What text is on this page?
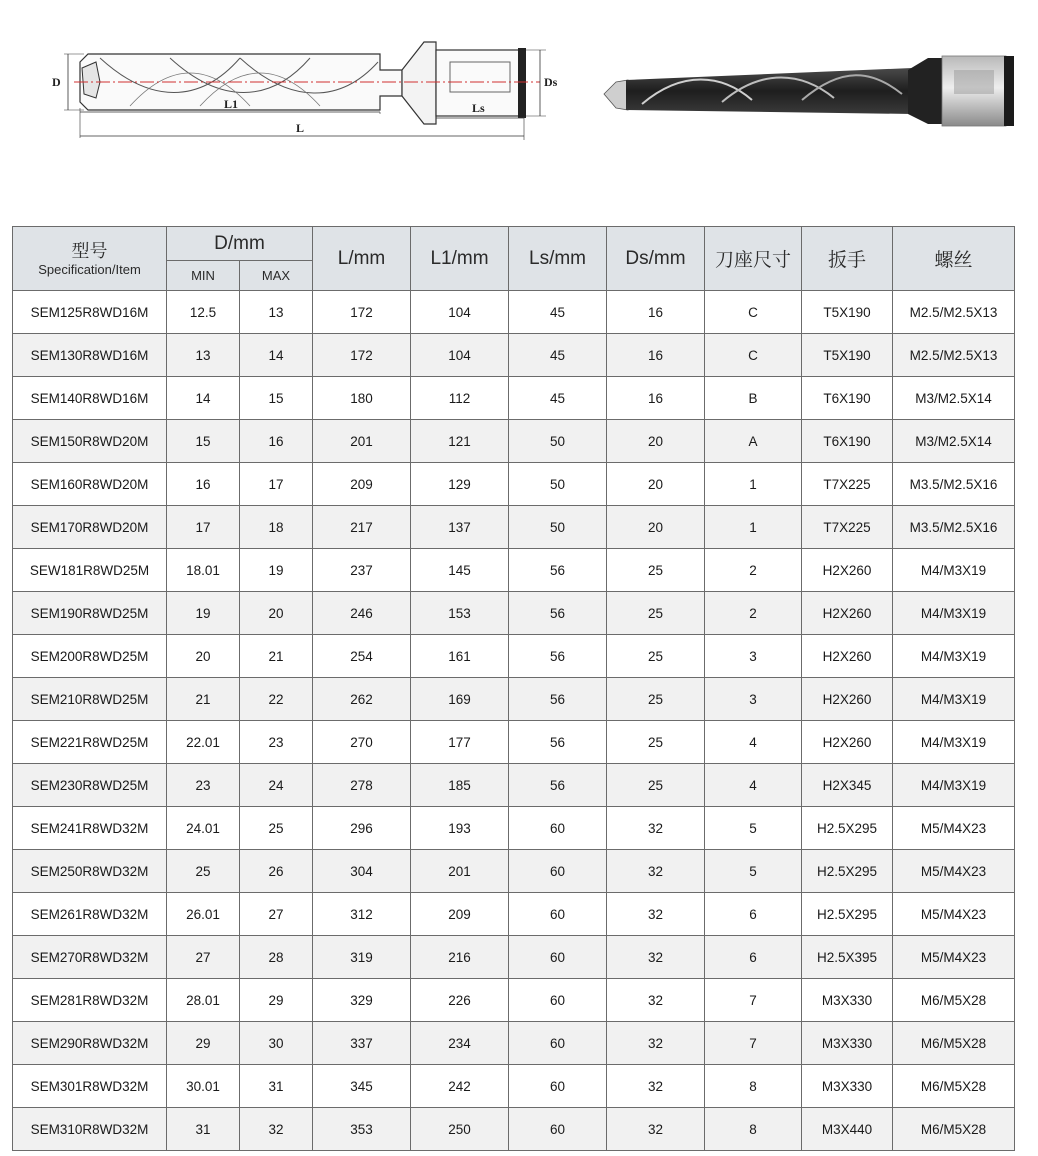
D	Ds
L1	Ls
L
型号
Specification/Item	D/mm		L/mm	L1/mm	Ls/mm	Ds/mm	刀座尺寸	扳手	螺丝
	MIN	MAX							
SEM125R8WD16M	12.5	13	172	104	45	16	C	T5X190	M2.5/M2.5X13
SEM130R8WD16M	13	14	172	104	45	16	C	T5X190	M2.5/M2.5X13
SEM140R8WD16M	14	15	180	112	45	16	B	T6X190	M3/M2.5X14
SEM150R8WD20M	15	16	201	121	50	20	A	T6X190	M3/M2.5X14
SEM160R8WD20M	16	17	209	129	50	20	1	T7X225	M3.5/M2.5X16
SEM170R8WD20M	17	18	217	137	50	20	1	T7X225	M3.5/M2.5X16
SEW181R8WD25M	18.01	19	237	145	56	25	2	H2X260	M4/M3X19
SEM190R8WD25M	19	20	246	153	56	25	2	H2X260	M4/M3X19
SEM200R8WD25M	20	21	254	161	56	25	3	H2X260	M4/M3X19
SEM210R8WD25M	21	22	262	169	56	25	3	H2X260	M4/M3X19
SEM221R8WD25M	22.01	23	270	177	56	25	4	H2X260	M4/M3X19
SEM230R8WD25M	23	24	278	185	56	25	4	H2X345	M4/M3X19
SEM241R8WD32M	24.01	25	296	193	60	32	5	H2.5X295	M5/M4X23
SEM250R8WD32M	25	26	304	201	60	32	5	H2.5X295	M5/M4X23
SEM261R8WD32M	26.01	27	312	209	60	32	6	H2.5X295	M5/M4X23
SEM270R8WD32M	27	28	319	216	60	32	6	H2.5X395	M5/M4X23
SEM281R8WD32M	28.01	29	329	226	60	32	7	M3X330	M6/M5X28
SEM290R8WD32M	29	30	337	234	60	32	7	M3X330	M6/M5X28
SEM301R8WD32M	30.01	31	345	242	60	32	8	M3X330	M6/M5X28
SEM310R8WD32M	31	32	353	250	60	32	8	M3X440	M6/M5X28
